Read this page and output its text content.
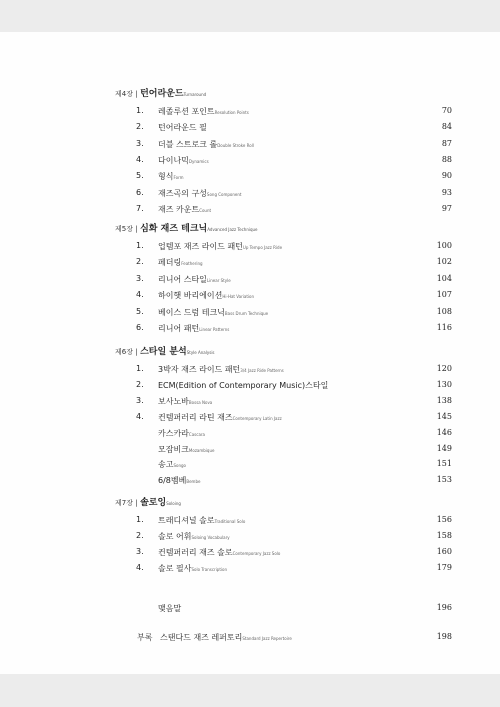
제4장 | 턴어라운드Turnaround
1.	레졸루션 포인트Resolution Points	70
2.	턴어라운드 필	84
3.	더블 스트로크 롤Double Stroke Roll	87
4.	다이나믹Dynamics	88
5.	형식Form	90
6.	재즈곡의 구성Song Component	93
7.	재즈 카운트Count	97
제5장 | 심화 재즈 테크닉Advanced Jazz Technique
1.	업템포 재즈 라이드 패턴Up Tempo Jazz Ride	100
2.	페더링Feathering	102
3.	리니어 스타일Linear Style	104
4.	하이햇 바리에이션Hi-Hat Variation	107
5.	베이스 드럼 테크닉Bass Drum Technique	108
6.	리니어 패턴Linear Patterns	116
제6장 | 스타일 분석Style Analysis
1.	3박자 재즈 라이드 패턴3/4 Jazz Ride Patterns	120
2.	ECM(Edition of Contemporary Music)스타일	130
3.	보사노바Bossa Nova	138
4.	컨템퍼러리 라틴 재즈Contemporary Latin Jazz	145
카스카라Cascara	146
모잠비크Mozambique	149
송고Songo	151
6/8벰베Bembe	153
제7장 | 솔로잉Soloing
1.	트래디셔널 솔로Traditional Solo	156
2.	솔로 어휘Soloing Vocabulary	158
3.	컨템퍼러리 재즈 솔로Contemporary Jazz Solo	160
4.	솔로 필사Solo Transcription	179
맺음말	196
부록 스탠다드 재즈 레퍼토리Standard Jazz Repertoire	198
